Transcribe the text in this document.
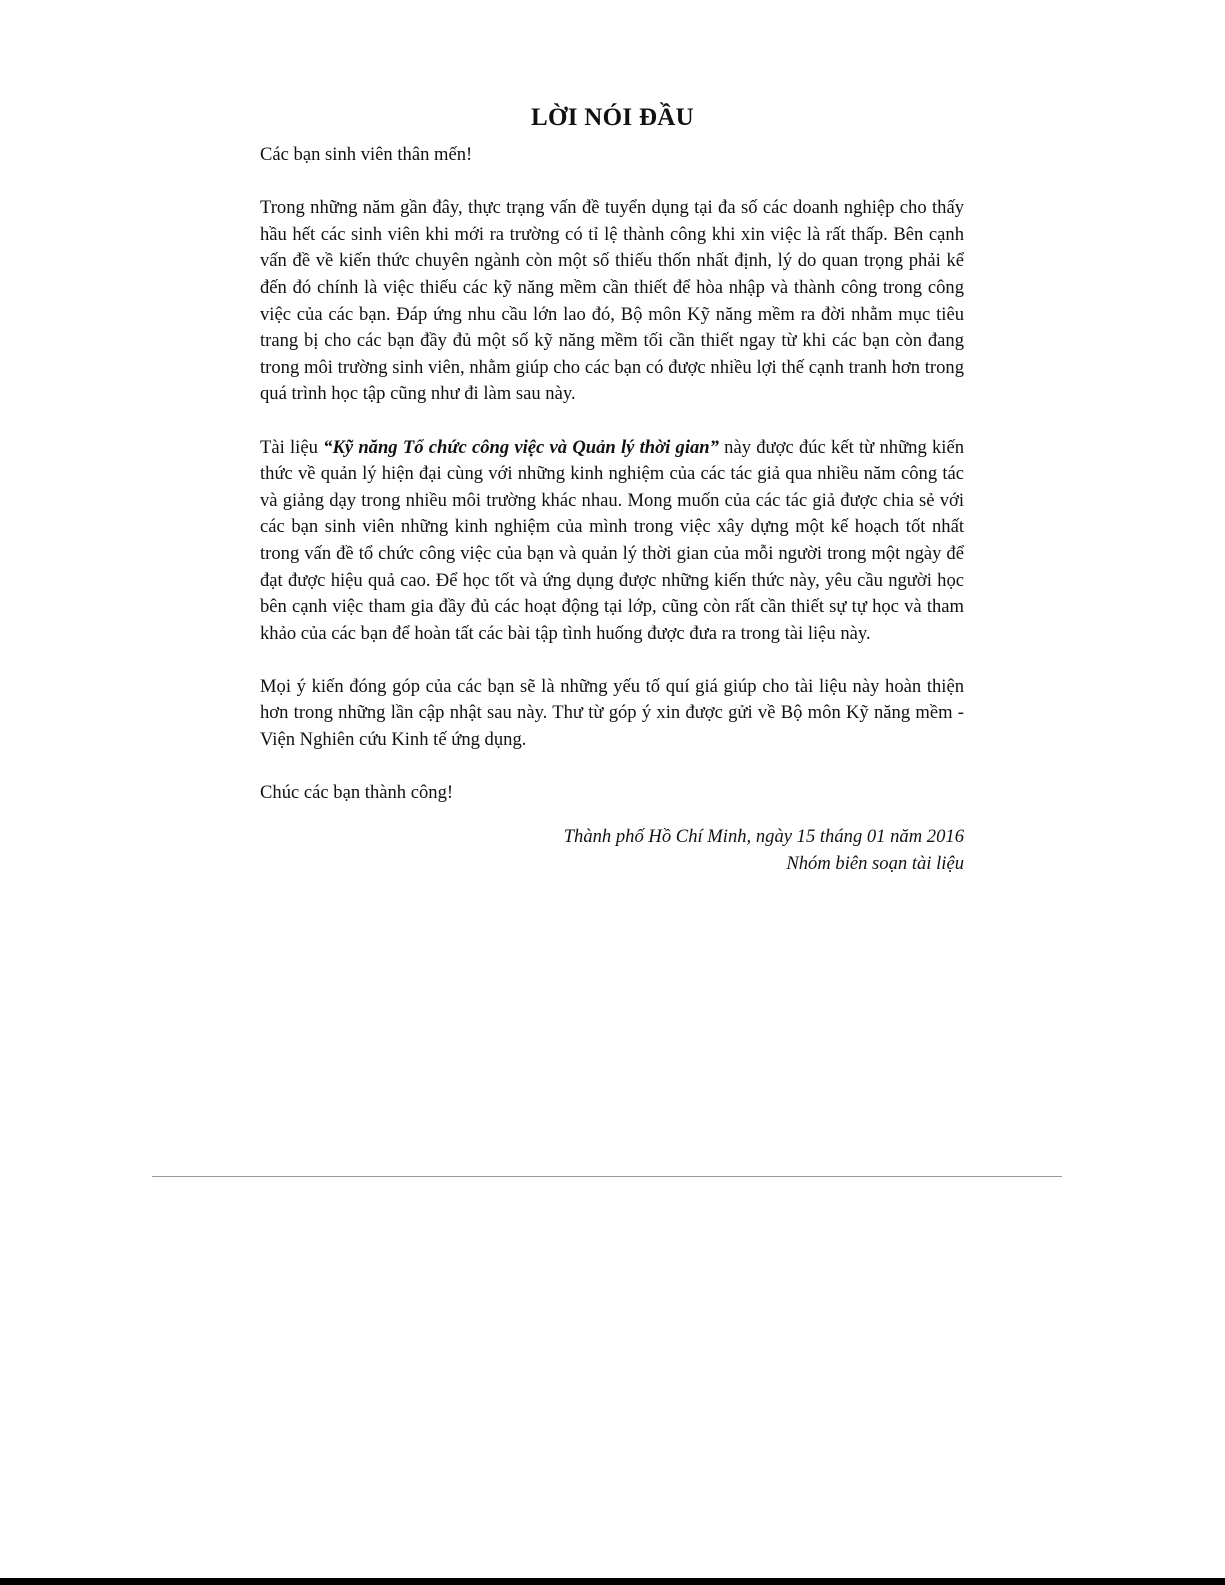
LỜI NÓI ĐẦU

Các bạn sinh viên thân mến!

Trong những năm gần đây, thực trạng vấn đề tuyển dụng tại đa số các doanh nghiệp cho thấy hầu hết các sinh viên khi mới ra trường có tỉ lệ thành công khi xin việc là rất thấp. Bên cạnh vấn đề về kiến thức chuyên ngành còn một số thiếu thốn nhất định, lý do quan trọng phải kể đến đó chính là việc thiếu các kỹ năng mềm cần thiết để hòa nhập và thành công trong công việc của các bạn. Đáp ứng nhu cầu lớn lao đó, Bộ môn Kỹ năng mềm ra đời nhằm mục tiêu trang bị cho các bạn đầy đủ một số kỹ năng mềm tối cần thiết ngay từ khi các bạn còn đang trong môi trường sinh viên, nhằm giúp cho các bạn có được nhiều lợi thế cạnh tranh hơn trong quá trình học tập cũng như đi làm sau này.

Tài liệu “Kỹ năng Tổ chức công việc và Quản lý thời gian” này được đúc kết từ những kiến thức về quản lý hiện đại cùng với những kinh nghiệm của các tác giả qua nhiều năm công tác và giảng dạy trong nhiều môi trường khác nhau. Mong muốn của các tác giả được chia sẻ với các bạn sinh viên những kinh nghiệm của mình trong việc xây dựng một kế hoạch tốt nhất trong vấn đề tổ chức công việc của bạn và quản lý thời gian của mỗi người trong một ngày để đạt được hiệu quả cao. Để học tốt và ứng dụng được những kiến thức này, yêu cầu người học bên cạnh việc tham gia đầy đủ các hoạt động tại lớp, cũng còn rất cần thiết sự tự học và tham khảo của các bạn để hoàn tất các bài tập tình huống được đưa ra trong tài liệu này.

Mọi ý kiến đóng góp của các bạn sẽ là những yếu tố quí giá giúp cho tài liệu này hoàn thiện hơn trong những lần cập nhật sau này. Thư từ góp ý xin được gửi về Bộ môn Kỹ năng mềm - Viện Nghiên cứu Kinh tế ứng dụng.

Chúc các bạn thành công!

Thành phố Hồ Chí Minh, ngày 15 tháng 01 năm 2016

Nhóm biên soạn tài liệu
